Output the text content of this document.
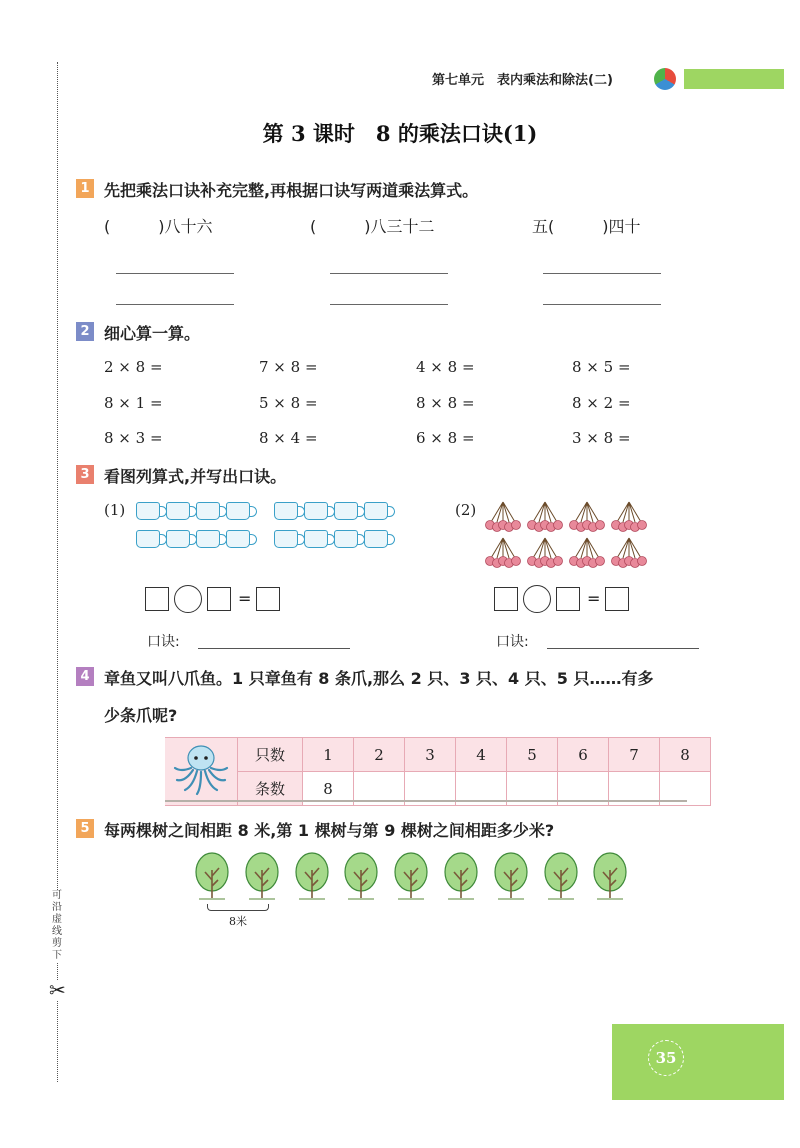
可沿虚线剪下
✂
第七单元　表内乘法和除法(二)
第 3 课时　8 的乘法口诀(1)
1 先把乘法口诀补充完整,再根据口诀写两道乘法算式。
(　　　)八十六	(　　　)八三十二	五(　　　)四十
2 细心算一算。
2 × 8 =	7 × 8 =	4 × 8 =	8 × 5 =
8 × 1 =	5 × 8 =	8 × 8 =	8 × 2 =
8 × 3 =	8 × 4 =	6 × 8 =	3 × 8 =
3 看图列算式,并写出口诀。
(1)	(2)
=
口诀:
=
口诀:
4 章鱼又叫八爪鱼。1 只章鱼有 8 条爪,那么 2 只、3 只、4 只、5 只……有多
少条爪呢?
	只数	1	2	3	4	5	6	7	8
	条数	8							
5 每两棵树之间相距 8 米,第 1 棵树与第 9 棵树之间相距多少米?
8米
35
